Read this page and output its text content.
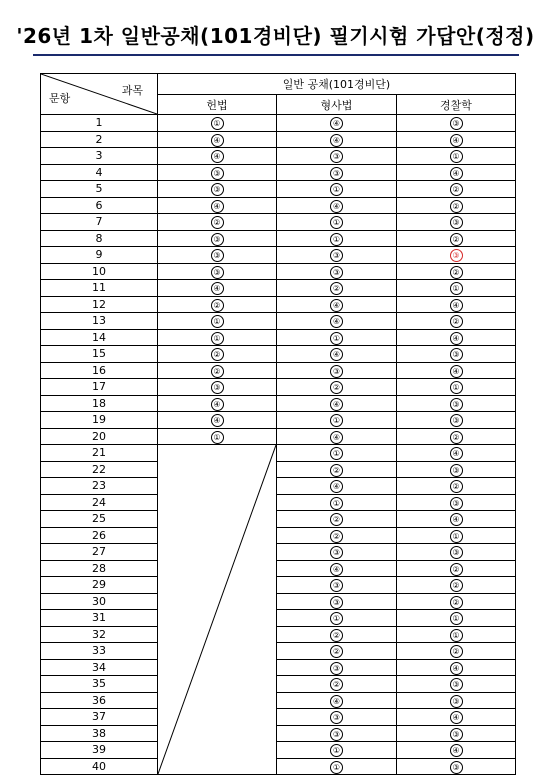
'26년 1차 일반공채(101경비단) 필기시험 가답안(정정)
과목
문항	일반 공채(101경비단)		
	헌법	형사법	경찰학
1	①	④	③
2	④	④	④
3	④	③	①
4	③	③	④
5	③	①	②
6	④	④	②
7	②	①	③
8	③	①	②
9	③	③	③
10	③	③	②
11	④	②	①
12	②	④	④
13	①	④	②
14	①	①	④
15	②	④	③
16	②	③	④
17	③	②	①
18	④	④	③
19	④	①	③
20	①	④	②
21		①	④
22		②	③
23		④	②
24		①	③
25		②	④
26		②	①
27		③	③
28		④	②
29		③	②
30		③	②
31		①	①
32		②	①
33		②	②
34		③	④
35		②	③
36		④	③
37		③	④
38		③	③
39		①	④
40		①	③
